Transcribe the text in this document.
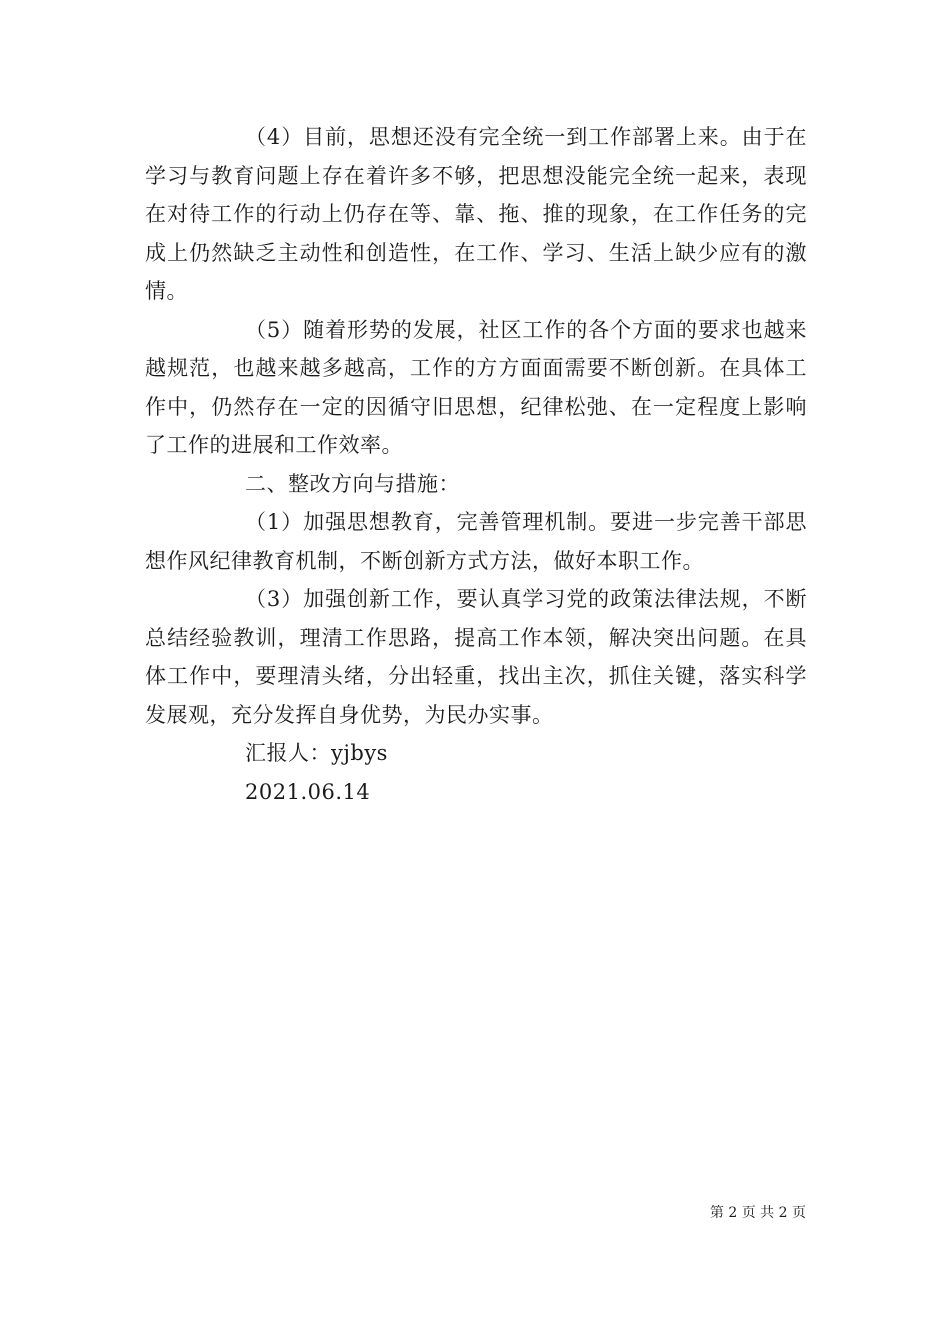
（4）目前，思想还没有完全统一到工作部署上来。由于在学习与教育问题上存在着许多不够，把思想没能完全统一起来，表现在对待工作的行动上仍存在等、靠、拖、推的现象，在工作任务的完成上仍然缺乏主动性和创造性，在工作、学习、生活上缺少应有的激情。

（5）随着形势的发展，社区工作的各个方面的要求也越来越规范，也越来越多越高，工作的方方面面需要不断创新。在具体工作中，仍然存在一定的因循守旧思想，纪律松弛、在一定程度上影响了工作的进展和工作效率。

二、整改方向与措施：

（1）加强思想教育，完善管理机制。要进一步完善干部思想作风纪律教育机制，不断创新方式方法，做好本职工作。

（3）加强创新工作，要认真学习党的政策法律法规，不断总结经验教训，理清工作思路，提高工作本领，解决突出问题。在具体工作中，要理清头绪，分出轻重，找出主次，抓住关键，落实科学发展观，充分发挥自身优势，为民办实事。

汇报人：yjbys

2021.06.14

第 2 页 共 2 页
